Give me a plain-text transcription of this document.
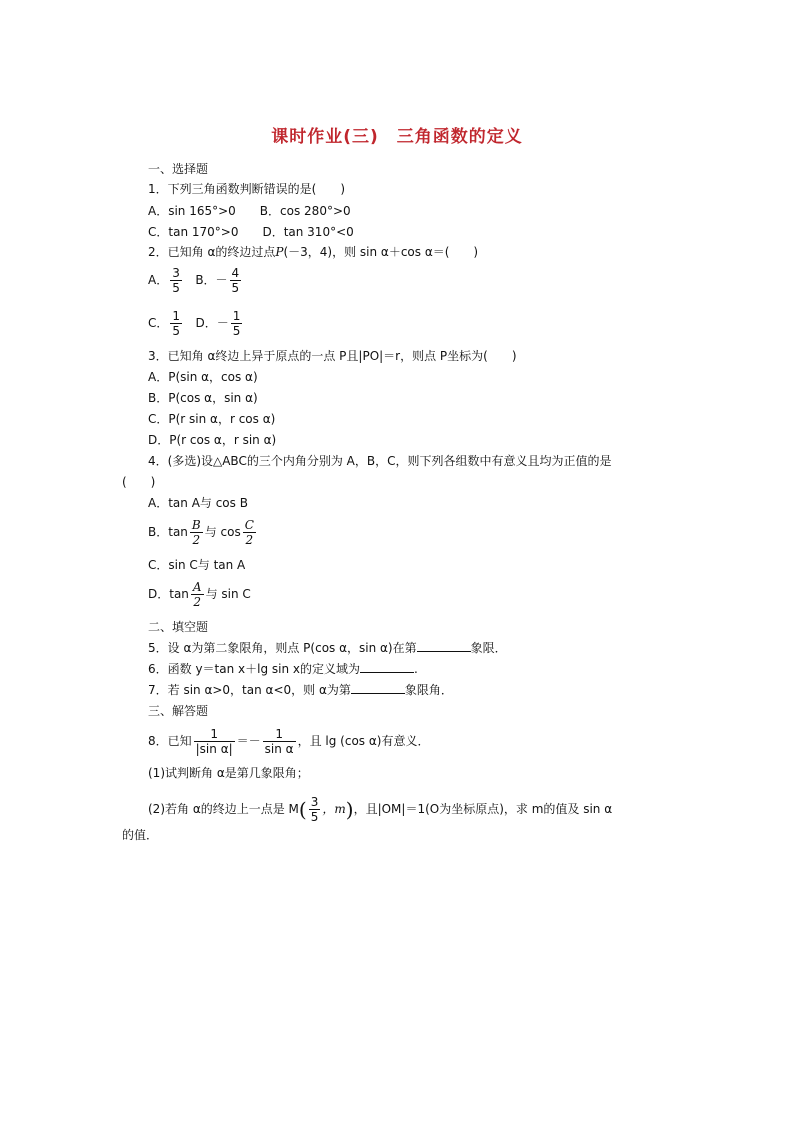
课时作业(三)　三角函数的定义
一、选择题
1．下列三角函数判断错误的是(　　)
A．sin 165°>0　　B．cos 280°>0
C．tan 170°>0　　D．tan 310°<0
2．已知角 α的终边过点P(－3，4)，则 sin α＋cos α＝(　　)
A． $\frac{3}{5}$ B．－ $\frac{4}{5}$
C． $\frac{1}{5}$ D．－ $\frac{1}{5}$
3．已知角 α终边上异于原点的一点 P且|PO|＝r，则点 P坐标为(　　)
A．P(sin α，cos α)
B．P(cos α，sin α)
C．P(r sin α，r cos α)
D．P(r cos α，r sin α)
4．(多选)设△ABC的三个内角分别为 A，B，C，则下列各组数中有意义且均为正值的是
(　　)
A．tan A与 cos B
B．$\tan \frac{B}{2}$ 与 $\cos \frac{C}{2}$
C．sin C与 tan A
D．$\tan \frac{A}{2}$ 与 sin C
二、填空题
5．设 α为第二象限角，则点 P(cos α，sin α)在第	象限．
6．函数 y＝tan x＋lg sin x的定义域为	.
7．若 sin α>0，tan α<0，则 α为第	象限角．
三、解答题
8．已知 $\frac{1}{\text{|sin α|}} =- \frac{1}{\text{sin α}}$ ，且 lg (cos α)有意义．
(1)试判断角 α是第几象限角；
(2)若角 α的终边上一点是 $M( \frac{3}{5}$ ，m)，且|OM|＝1(O为坐标原点)，求 m的值及 sin α
的值．
